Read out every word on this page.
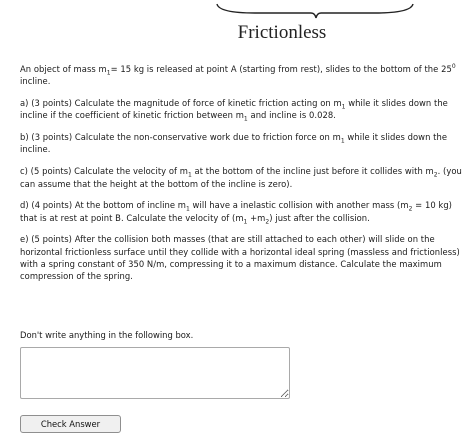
Frictionless

An object of mass $m_1= 15$ kg is released at point A (starting from rest), slides to the bottom of the $25^0$ incline.

a) (3 points) Calculate the magnitude of force of kinetic friction acting on $m_1$ while it slides down the incline if the coefficient of kinetic friction between $m_1$ and incline is 0.028.

b) (3 points) Calculate the non-conservative work due to friction force on $m_1$ while it slides down the incline.

c) (5 points) Calculate the velocity of $m_1$ at the bottom of the incline just before it collides with $m_2$. (you can assume that the height at the bottom of the incline is zero).

d) (4 points) At the bottom of incline $m_1$ will have a inelastic collision with another mass ($m_2 = 10$ kg) that is at rest at point B. Calculate the velocity of $(m_1 +m_2)$ just after the collision.

e) (5 points) After the collision both masses (that are still attached to each other) will slide on the horizontal frictionless surface until they collide with a horizontal ideal spring (massless and frictionless) with a spring constant of 350 N/m, compressing it to a maximum distance. Calculate the maximum compression of the spring.

Don't write anything in the following box.
Check Answer
